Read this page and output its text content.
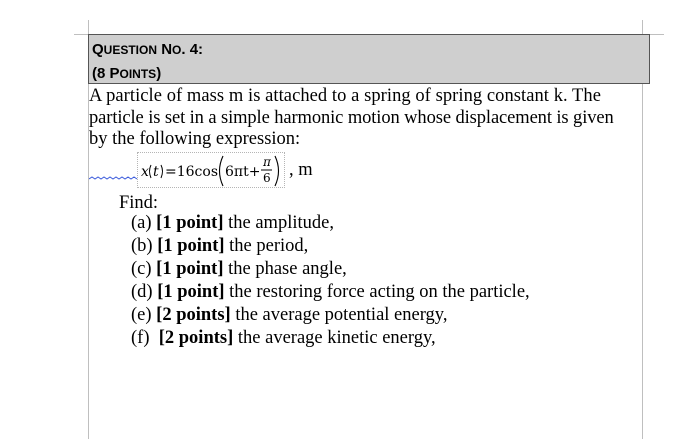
QUESTION NO. 4:
(8 POINTS)
A particle of mass m is attached to a spring of spring constant k. The
particle is set in a simple harmonic motion whose displacement is given
by the following expression:
x t =16cos 6πt+
π
6 , m
Find:
(a) [1 point] the amplitude,
(b) [1 point] the period,
(c) [1 point] the phase angle,
(d) [1 point] the restoring force acting on the particle,
(e) [2 points] the average potential energy,
(f)  [2 points] the average kinetic energy,
